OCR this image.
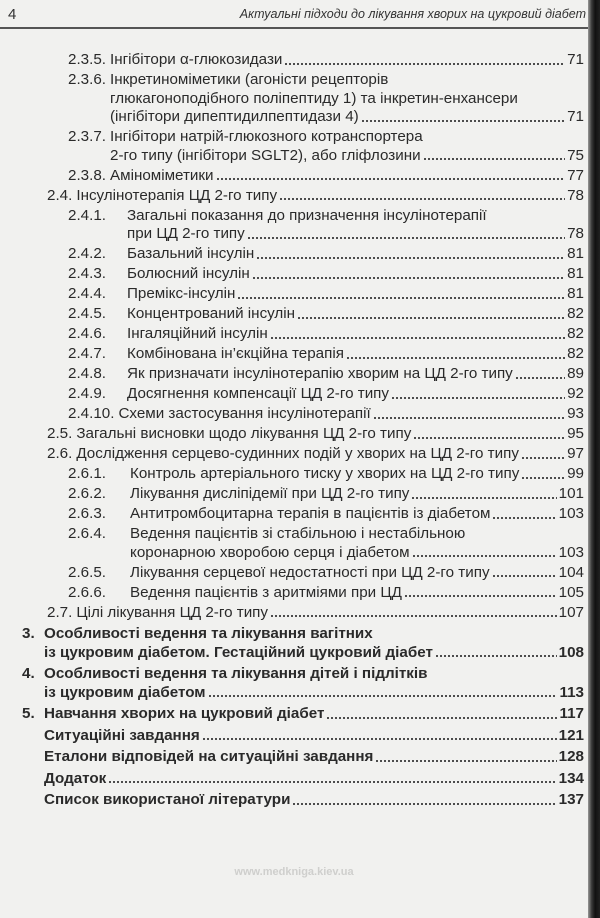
4	Актуальні підходи до лікування хворих на цукровий діабет
2.3.5. Інгібітори α-глюкозидази	71
2.3.6. Інкретиноміметики (агоністи рецепторів
глюкагоноподібного поліпептиду 1) та інкретин-енхансери
(інгібітори дипептидилпептидази 4)	71
2.3.7. Інгібітори натрій-глюкозного котранспортера
2-го типу (інгібітори SGLT2), або гліфлозини	75
2.3.8. Аміноміметики	77
2.4. Інсулінотерапія ЦД 2-го типу	78
2.4.1.	Загальні показання до призначення інсулінотерапії
при ЦД 2-го типу	78
2.4.2.	Базальний інсулін	81
2.4.3.	Болюсний інсулін	81
2.4.4.	Премікс-інсулін	81
2.4.5.	Концентрований інсулін	82
2.4.6.	Інгаляційний інсулін	82
2.4.7.	Комбінована ін’єкційна терапія	82
2.4.8.	Як призначати інсулінотерапію хворим на ЦД 2-го типу	89
2.4.9.	Досягнення компенсації ЦД 2-го типу	92
2.4.10. Схеми застосування інсулінотерапії	93
2.5. Загальні висновки щодо лікування ЦД 2-го типу	95
2.6. Дослідження серцево-судинних подій у хворих на ЦД 2-го типу	97
2.6.1.	Контроль артеріального тиску у хворих на ЦД 2-го типу	99
2.6.2.	Лікування дисліпідемії при ЦД 2-го типу	101
2.6.3.	Антитромбоцитарна терапія в пацієнтів із діабетом	103
2.6.4.	Ведення пацієнтів зі стабільною і нестабільною
коронарною хворобою серця і діабетом	103
2.6.5.	Лікування серцевої недостатності при ЦД 2-го типу	104
2.6.6.	Ведення пацієнтів з аритміями при ЦД	105
2.7. Цілі лікування ЦД 2-го типу	107
3. Особливості ведення та лікування вагітних
із цукровим діабетом. Гестаційний цукровий діабет	108
4. Особливості ведення та лікування дітей і підлітків
із цукровим діабетом	113
5. Навчання хворих на цукровий діабет	117
Ситуаційні завдання	121
Еталони відповідей на ситуаційні завдання	128
Додаток	134
Список використаної літератури	137
www.medkniga.kiev.ua
